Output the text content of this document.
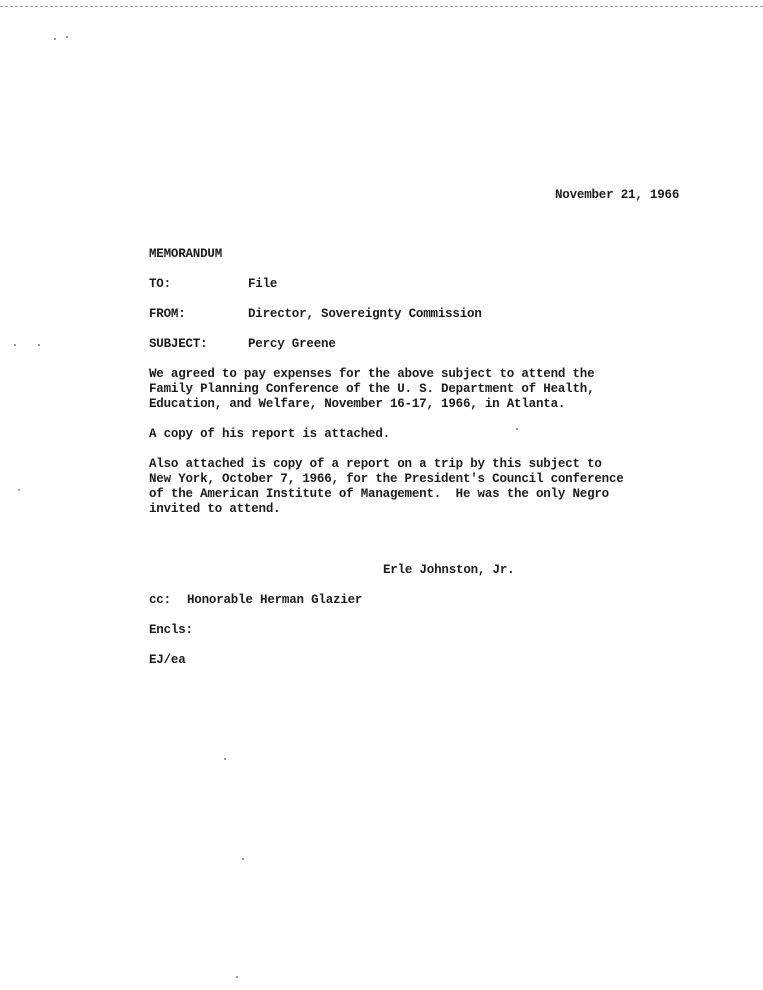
November 21, 1966
MEMORANDUM
TO:	File
FROM:	Director, Sovereignty Commission
SUBJECT:	Percy Greene
We agreed to pay expenses for the above subject to attend the
Family Planning Conference of the U. S. Department of Health,
Education, and Welfare, November 16-17, 1966, in Atlanta.
A copy of his report is attached.
Also attached is copy of a report on a trip by this subject to
New York, October 7, 1966, for the President's Council conference
of the American Institute of Management.  He was the only Negro
invited to attend.
Erle Johnston, Jr.
cc: Honorable Herman Glazier
Encls:
EJ/ea
